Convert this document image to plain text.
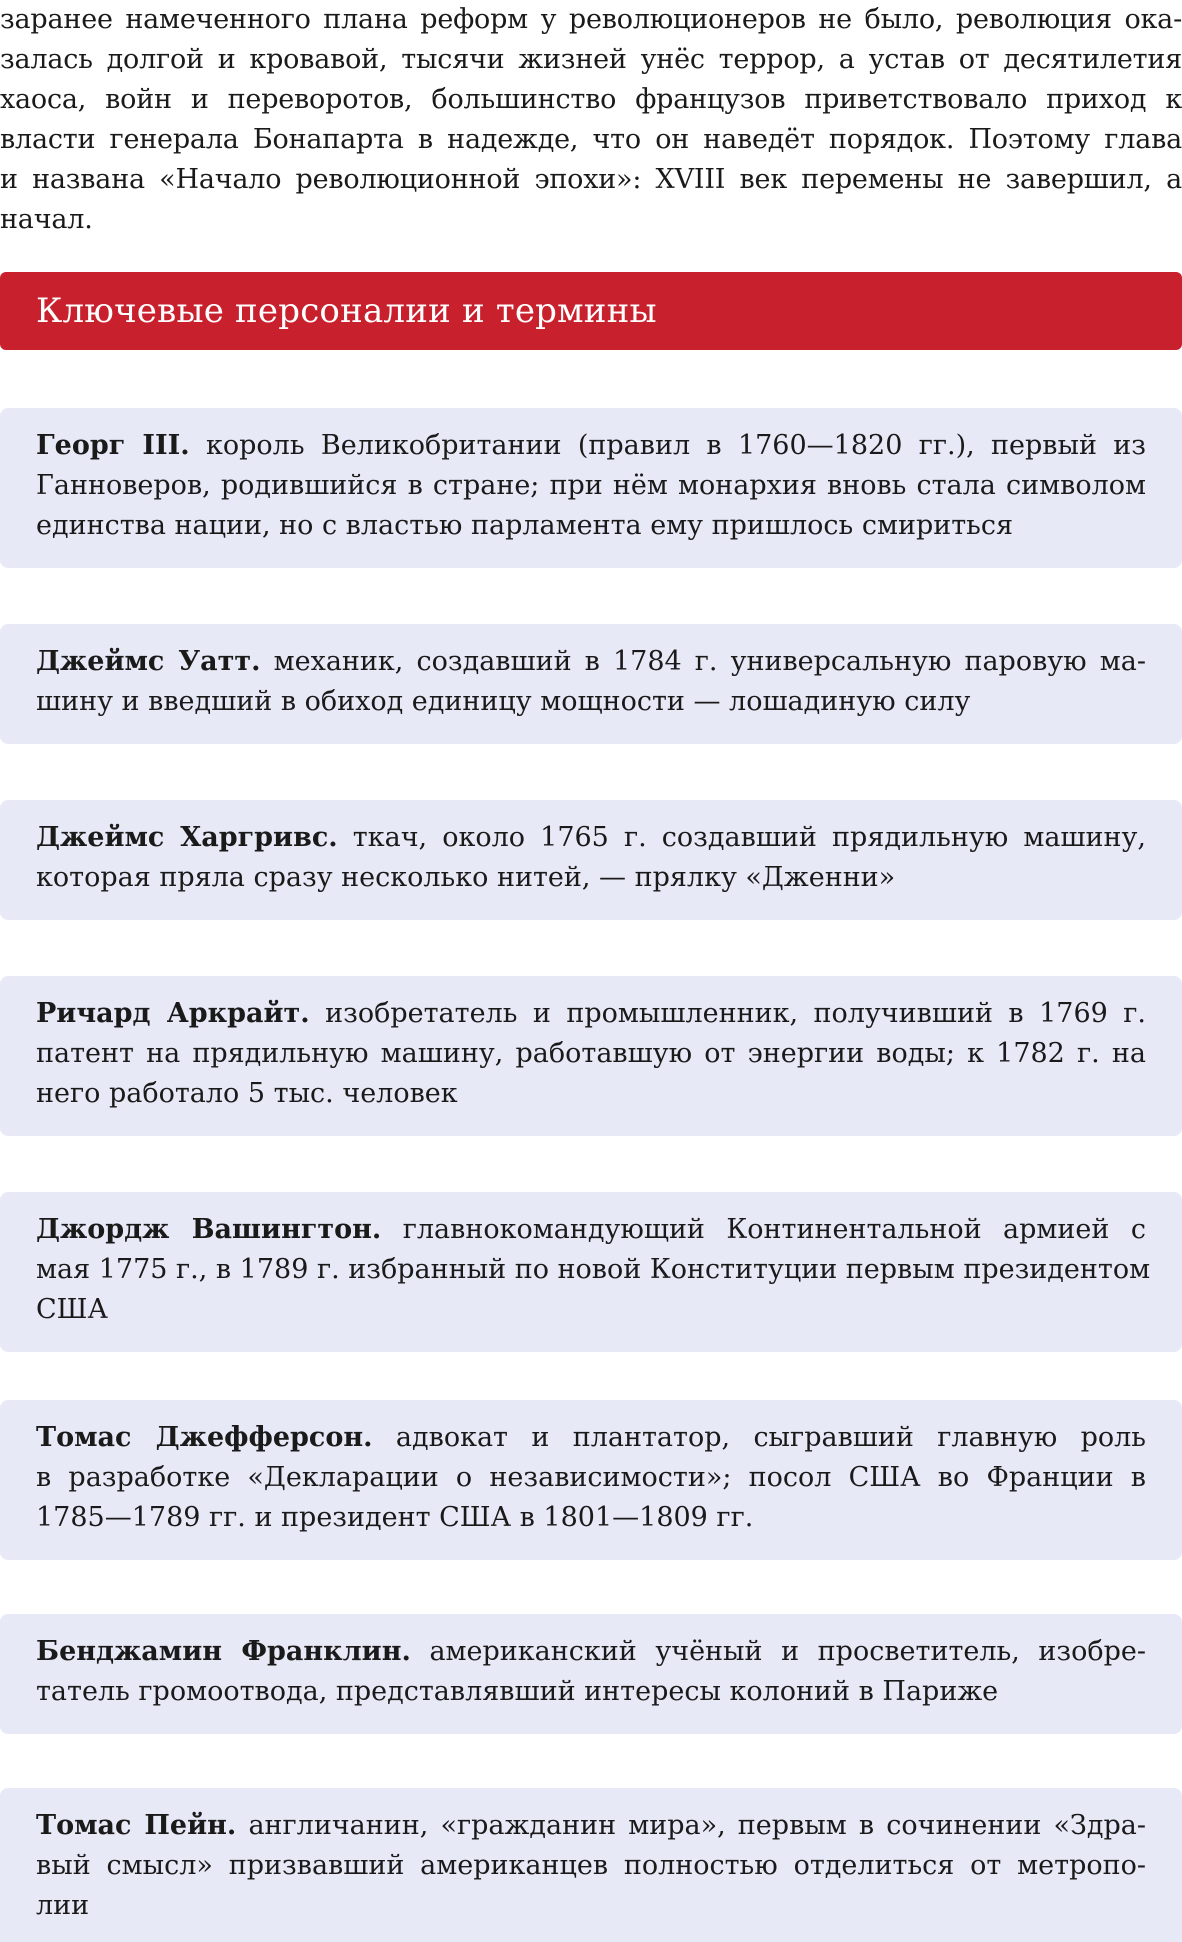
заранее намеченного плана реформ у революционеров не было, революция ока-
залась долгой и кровавой, тысячи жизней унёс террор, а устав от десятилетия
хаоса, войн и переворотов, большинство французов приветствовало приход к
власти генерала Бонапарта в надежде, что он наведёт порядок. Поэтому глава
и названа «Начало революционной эпохи»: XVIII век перемены не завершил, а
начал.
Ключевые персоналии и термины
Георг III. король Великобритании (правил в 1760—1820 гг.), первый из
Ганноверов, родившийся в стране; при нём монархия вновь стала символом
единства нации, но с властью парламента ему пришлось смириться
Джеймс Уатт. механик, создавший в 1784 г. универсальную паровую ма-
шину и введший в обиход единицу мощности — лошадиную силу
Джеймс Харгривс. ткач, около 1765 г. создавший прядильную машину,
которая пряла сразу несколько нитей, — прялку «Дженни»
Ричард Аркрайт. изобретатель и промышленник, получивший в 1769 г.
патент на прядильную машину, работавшую от энергии воды; к 1782 г. на
него работало 5 тыс. человек
Джордж Вашингтон. главнокомандующий Континентальной армией с
мая 1775 г., в 1789 г. избранный по новой Конституции первым президентом
США
Томас Джефферсон. адвокат и плантатор, сыгравший главную роль
в разработке «Декларации о независимости»; посол США во Франции в
1785—1789 гг. и президент США в 1801—1809 гг.
Бенджамин Франклин. американский учёный и просветитель, изобре-
татель громоотвода, представлявший интересы колоний в Париже
Томас Пейн. англичанин, «гражданин мира», первым в сочинении «Здра-
вый смысл» призвавший американцев полностью отделиться от метропо-
лии
